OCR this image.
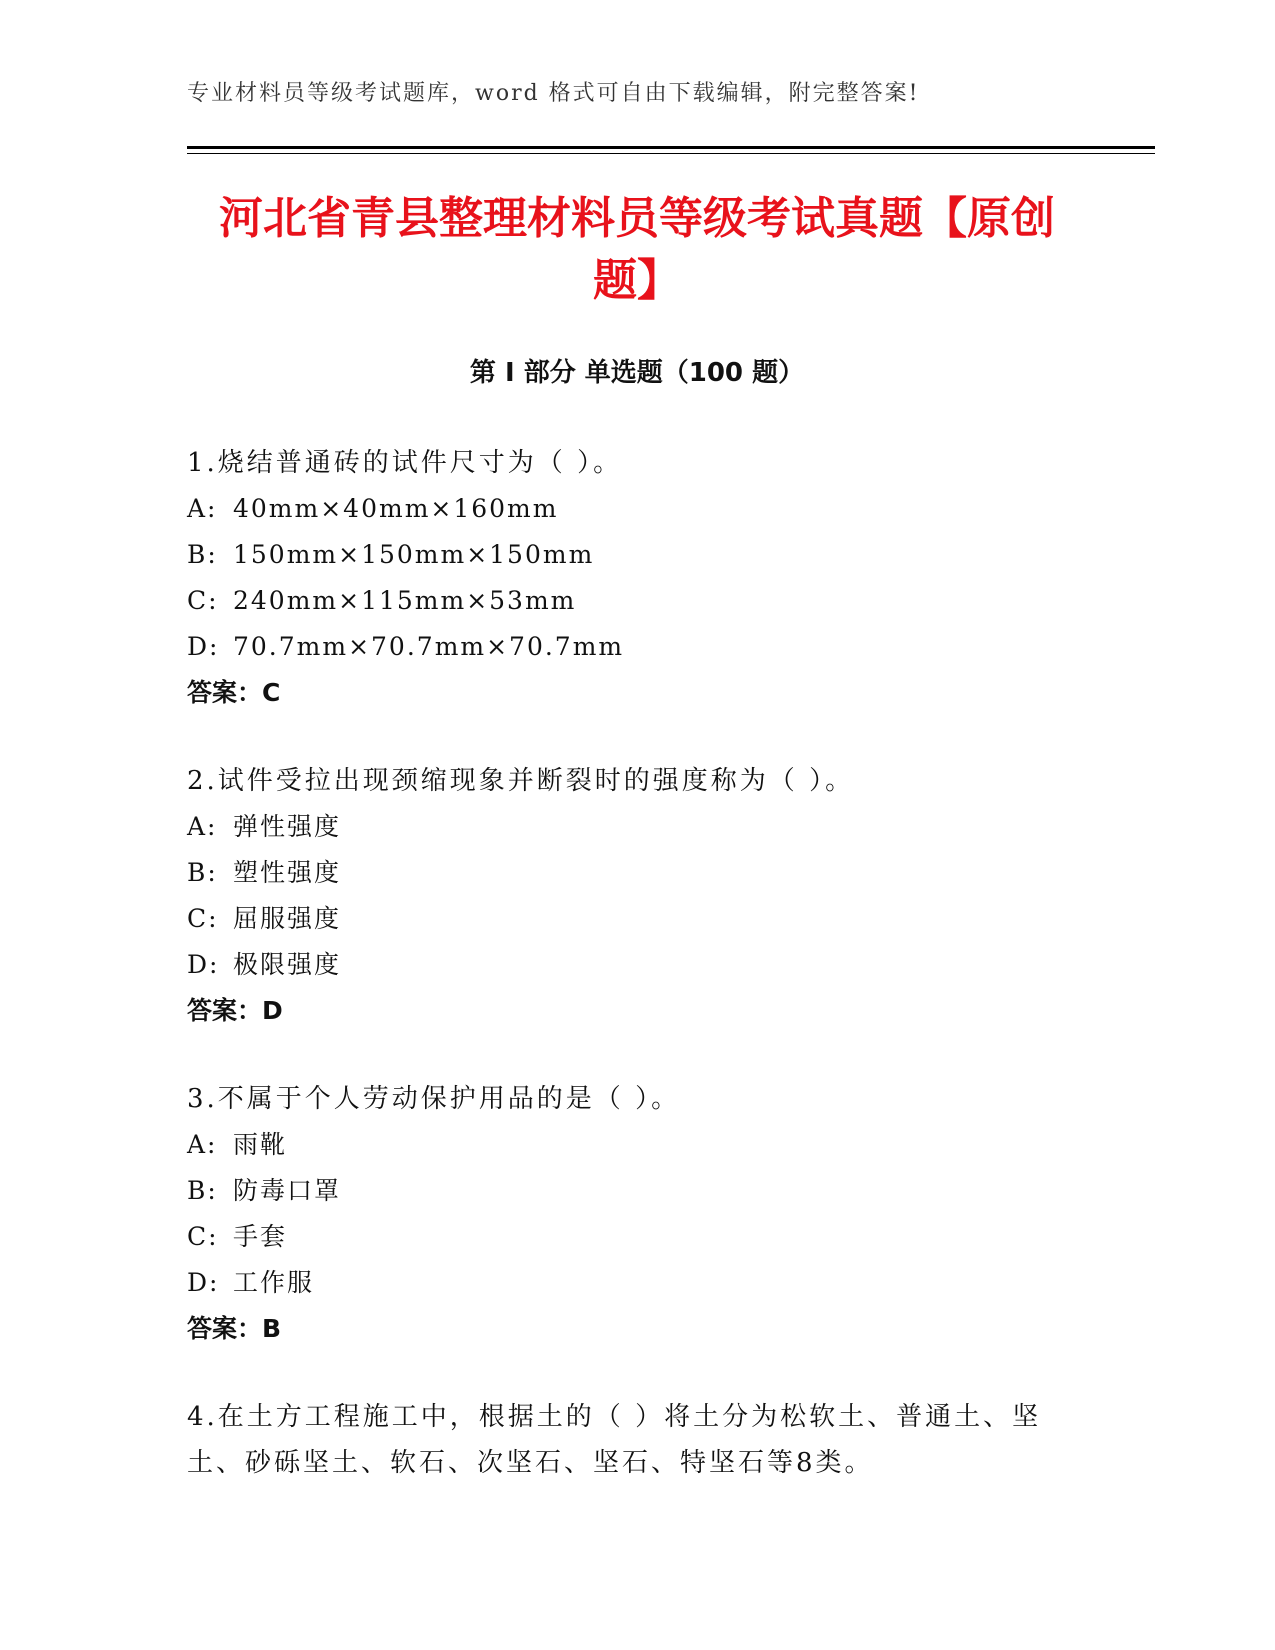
专业材料员等级考试题库，word 格式可自由下载编辑，附完整答案!
河北省青县整理材料员等级考试真题【原创题】
第 I 部分 单选题（100 题）

1.烧结普通砖的试件尺寸为（ ）。

A: 40mm×40mm×160mm
B: 150mm×150mm×150mm
C: 240mm×115mm×53mm
D: 70.7mm×70.7mm×70.7mm
答案：C

2.试件受拉出现颈缩现象并断裂时的强度称为（ ）。

A: 弹性强度
B: 塑性强度
C: 屈服强度
D: 极限强度
答案：D

3.不属于个人劳动保护用品的是（ ）。

A: 雨靴
B: 防毒口罩
C: 手套
D: 工作服
答案：B

4.在土方工程施工中，根据土的（ ）将土分为松软土、普通土、坚土、砂砾坚土、软石、次坚石、坚石、特坚石等8类。
